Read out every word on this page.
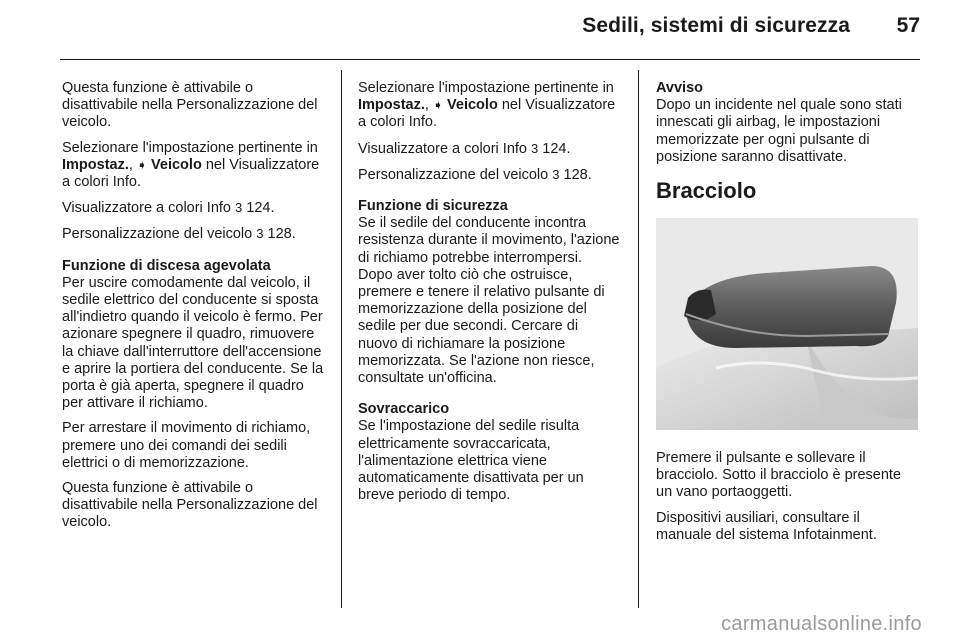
Sedili, sistemi di sicurezza 57

Questa funzione è attivabile o disattivabile nella Personalizzazione del veicolo.

Selezionare l'impostazione pertinente in Impostaz., ➧ Veicolo nel Visualizzatore a colori Info.

Visualizzatore a colori Info 3 124.

Personalizzazione del veicolo 3 128.

Funzione di discesa agevolata
Per uscire comodamente dal veicolo, il sedile elettrico del conducente si sposta all'indietro quando il veicolo è fermo. Per azionare spegnere il quadro, rimuovere la chiave dall'interruttore dell'accensione e aprire la portiera del conducente. Se la porta è già aperta, spegnere il quadro per attivare il richiamo.

Per arrestare il movimento di richiamo, premere uno dei comandi dei sedili elettrici o di memorizzazione.

Questa funzione è attivabile o disattivabile nella Personalizzazione del veicolo.

Selezionare l'impostazione pertinente in Impostaz., ➧ Veicolo nel Visualizzatore a colori Info.

Visualizzatore a colori Info 3 124.

Personalizzazione del veicolo 3 128.

Funzione di sicurezza
Se il sedile del conducente incontra resistenza durante il movimento, l'azione di richiamo potrebbe interrompersi. Dopo aver tolto ciò che ostruisce, premere e tenere il relativo pulsante di memorizzazione della posizione del sedile per due secondi. Cercare di nuovo di richiamare la posizione memorizzata. Se l'azione non riesce, consultate un'officina.

Sovraccarico
Se l'impostazione del sedile risulta elettricamente sovraccaricata, l'alimentazione elettrica viene automaticamente disattivata per un breve periodo di tempo.

Avviso
Dopo un incidente nel quale sono stati innescati gli airbag, le impostazioni memorizzate per ogni pulsante di posizione saranno disattivate.

Bracciolo

Premere il pulsante e sollevare il bracciolo. Sotto il bracciolo è presente un vano portaoggetti.

Dispositivi ausiliari, consultare il manuale del sistema Infotainment.

carmanualsonline.info
